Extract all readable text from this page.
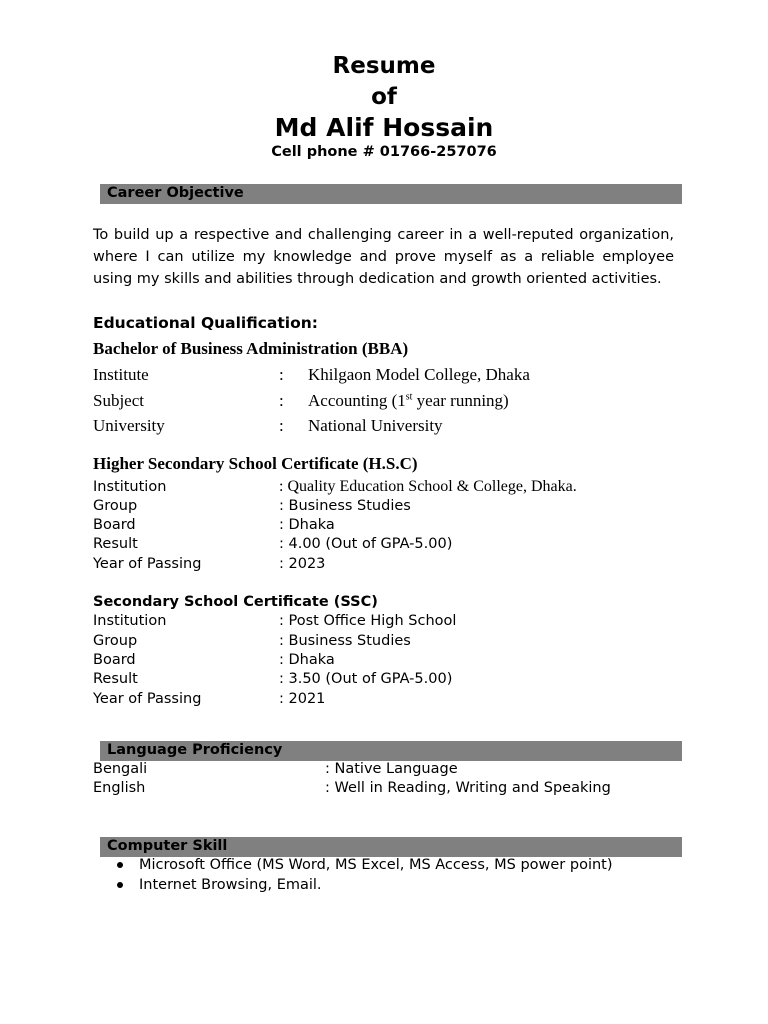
Resume
of
Md Alif Hossain
Cell phone # 01766-257076
Career Objective
To build up a respective and challenging career in a well-reputed organization, where I can utilize my knowledge and prove myself as a reliable employee using my skills and abilities through dedication and growth oriented activities.
Educational Qualification:
Bachelor of Business Administration (BBA)
Institute	: Khilgaon Model College, Dhaka
Subject	: Accounting (1st year running)
University	: National University
Higher Secondary School Certificate (H.S.C)
Institution	: Quality Education School & College, Dhaka.
Group	: Business Studies
Board	: Dhaka
Result	: 4.00 (Out of GPA-5.00)
Year of Passing	: 2023
Secondary School Certificate (SSC)
Institution	: Post Office High School
Group	: Business Studies
Board	: Dhaka
Result	: 3.50 (Out of GPA-5.00)
Year of Passing	: 2021
Language Proficiency
Bengali	: Native Language
English	: Well in Reading, Writing and Speaking
Computer Skill
Microsoft Office (MS Word, MS Excel, MS Access, MS power point)
Internet Browsing, Email.
